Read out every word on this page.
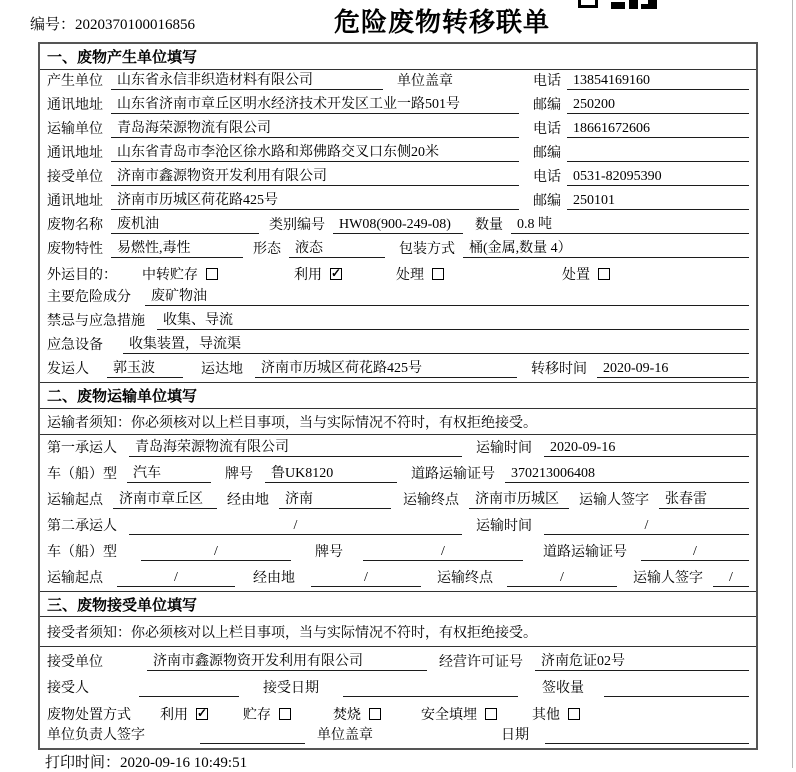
编号：2020370100016856	危险废物转移联单
一、废物产生单位填写
产生单位	山东省永信非织造材料有限公司	单位盖章	电话 13854169160
通讯地址	山东省济南市章丘区明水经济技术开发区工业一路501号	邮编 250200
运输单位	青岛海荣源物流有限公司	电话 18661672606
通讯地址	山东省青岛市李沧区徐水路和郑佛路交叉口东侧20米	邮编
接受单位	济南市鑫源物资开发利用有限公司	电话 0531-82095390
通讯地址	济南市历城区荷花路425号	邮编 250101
废物名称	废机油	类别编号	HW08(900-249-08)	数量	0.8 吨
废物特性	易燃性,毒性	形态	液态	包装方式	桶(金属,数量 4）
外运目的： 中转贮存	利用 ✓	处理	处置
主要危险成分	废矿物油
禁忌与应急措施	收集、导流
应急设备	收集装置，导流渠
发运人	郭玉波	运达地	济南市历城区荷花路425号	转移时间	2020-09-16
二、废物运输单位填写
运输者须知：你必须核对以上栏目事项，当与实际情况不符时，有权拒绝接受。
第一承运人	青岛海荣源物流有限公司	运输时间	2020-09-16
车（船）型	汽车	牌号	鲁UK8120	道路运输证号	370213006408
运输起点	济南市章丘区	经由地	济南	运输终点	济南市历城区	运输人签字	张春雷
第二承运人	/	运输时间	/
车（船）型	/	牌号	/	道路运输证号	/
运输起点	/	经由地	/	运输终点	/	运输人签字	/
三、废物接受单位填写
接受者须知：你必须核对以上栏目事项，当与实际情况不符时，有权拒绝接受。
接受单位	济南市鑫源物资开发利用有限公司	经营许可证号	济南危证02号
接受人	接受日期	签收量
废物处置方式 利用 ✓	贮存	焚烧	安全填埋	其他
单位负责人签字	单位盖章	日期
打印时间：2020-09-16 10:49:51
